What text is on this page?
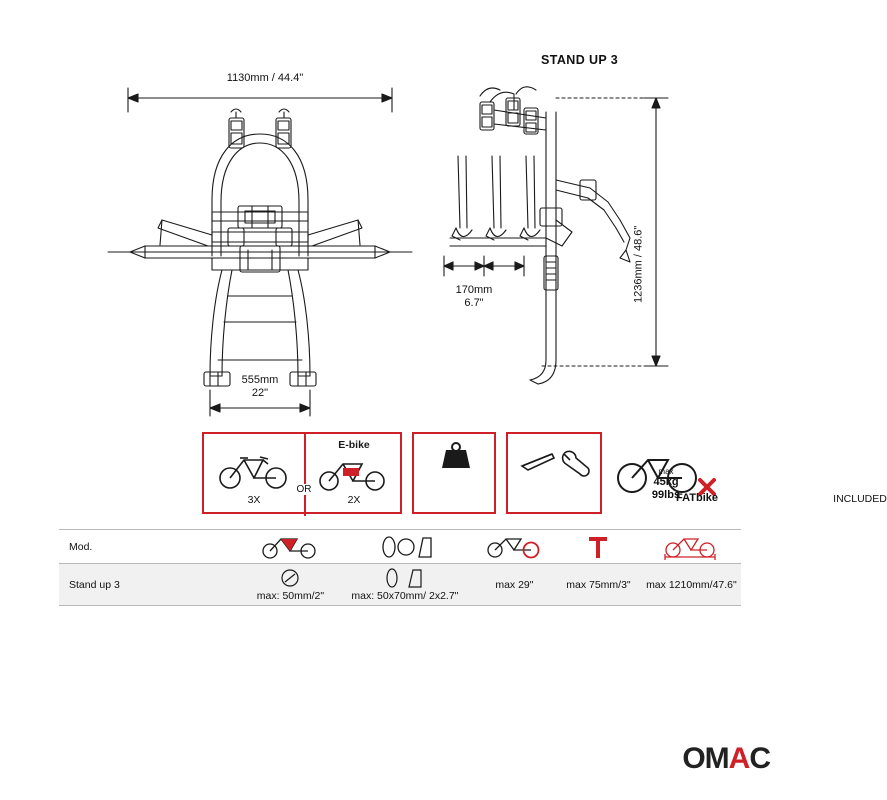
1130mm / 44.4"
555mm
22"
STAND UP 3
170mm
6.7"	1236mm / 48.6"
3X
OR
E-bike
2X
max
45kg
99lbs	INCLUDED
FATbike
Mod.	

Stand up 3	max: 50mm/2"	max: 50x70mm/ 2x2.7"	max 29"	max 75mm/3"	max 1210mm/47.6"
OMAC
